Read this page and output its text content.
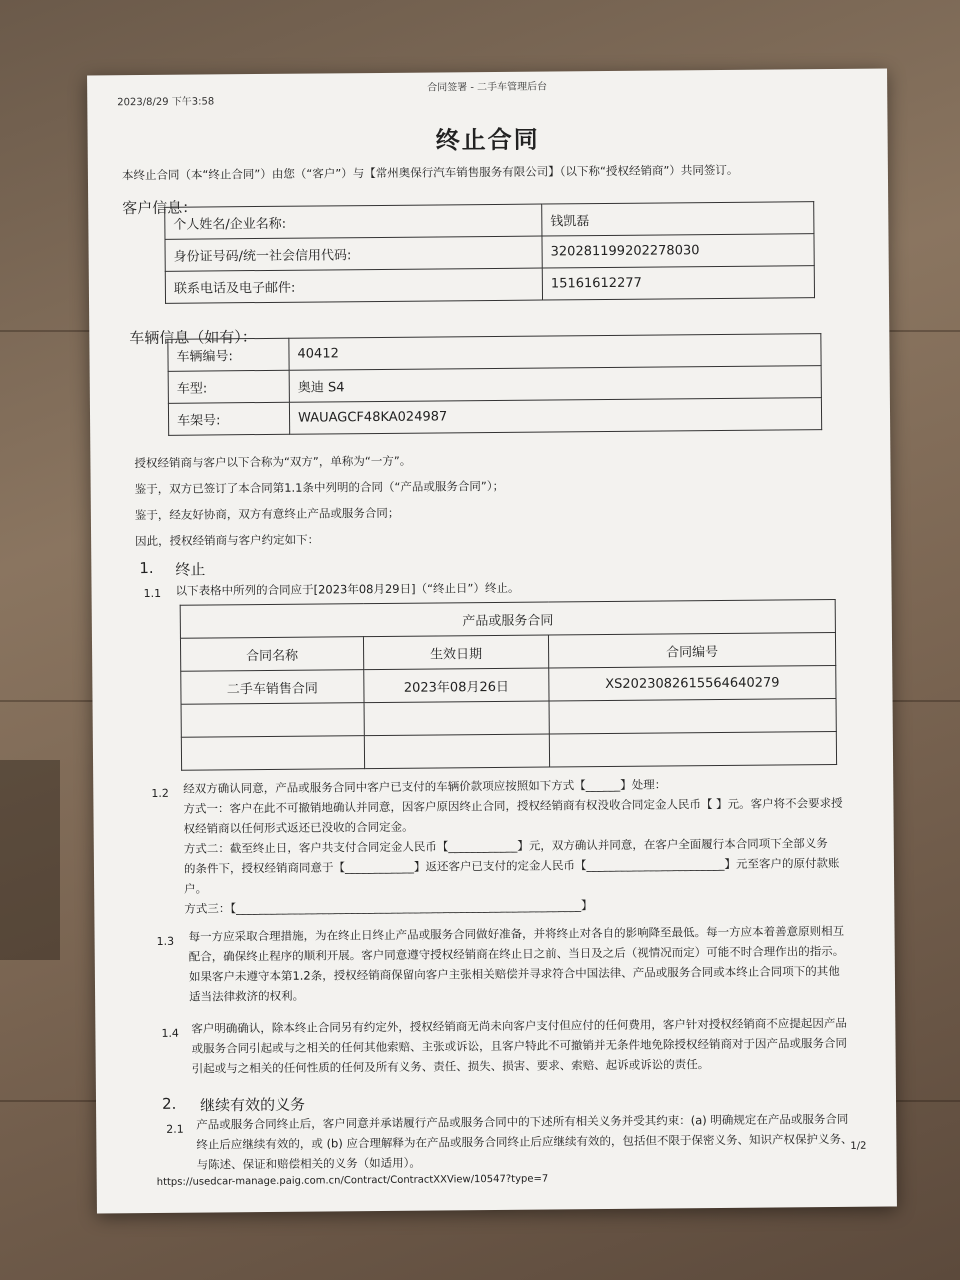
2023/8/29 下午3:58
合同签署 - 二手车管理后台
终止合同
本终止合同（本“终止合同”）由您（“客户”）与【常州奥保行汽车销售服务有限公司】（以下称“授权经销商”）共同签订。
客户信息：
个人姓名/企业名称:	钱凯磊
身份证号码/统一社会信用代码:	320281199202278030
联系电话及电子邮件:	15161612277
车辆信息（如有）：
车辆编号:	40412
车型:	奥迪 S4
车架号:	WAUAGCF48KA024987
授权经销商与客户以下合称为“双方”，单称为“一方”。
鉴于，双方已签订了本合同第1.1条中列明的合同（“产品或服务合同”）；
鉴于，经友好协商，双方有意终止产品或服务合同；
因此，授权经销商与客户约定如下：
1. 终止
1.1 以下表格中所列的合同应于[2023年08月29日]（“终止日”）终止。
产品或服务合同		
合同名称	生效日期	合同编号
二手车销售合同	2023年08月26日	XS20230826155646402​79

1.2 经双方确认同意，产品或服务合同中客户已支付的车辆价款项应按照如下方式【______】处理：
方式一：客户在此不可撤销地确认并同意，因客户原因终止合同，授权经销商有权没收合同定金人民币【 】元。客户将不会要求授
权经销商以任何形式返还已没收的合同定金。
方式二：截至终止日，客户共支付合同定金人民币【____________】元，双方确认并同意，在客户全面履行本合同项下全部义务
的条件下，授权经销商同意于【____________】返还客户已支付的定金人民币【________________________】元至客户的原付款账
户。
方式三：【____________________________________________________________】
1.3 每一方应采取合理措施，为在终止日终止产品或服务合同做好准备，并将终止对各自的影响降至最低。每一方应本着善意原则相互
配合，确保终止程序的顺利开展。客户同意遵守授权经销商在终止日之前、当日及之后（视情况而定）可能不时合理作出的指示。
如果客户未遵守本第1.2条，授权经销商保留向客户主张相关赔偿并寻求符合中国法律、产品或服务合同或本终止合同项下的其他
适当法律救济的权利。
1.4 客户明确确认，除本终止合同另有约定外，授权经销商无尚未向客户支付但应付的任何费用，客户针对授权经销商不应提起因产品
或服务合同引起或与之相关的任何其他索赔、主张或诉讼，且客户特此不可撤销并无条件地免除授权经销商对于因产品或服务合同
引起或与之相关的任何性质的任何及所有义务、责任、损失、损害、要求、索赔、起诉或诉讼的责任。
2. 继续有效的义务
2.1 产品或服务合同终止后，客户同意并承诺履行产品或服务合同中的下述所有相关义务并受其约束：(a) 明确规定在产品或服务合同
终止后应继续有效的，或 (b) 应合理解释为在产品或服务合同终止后应继续有效的，包括但不限于保密义务、知识产权保护义务、
与陈述、保证和赔偿相关的义务（如适用）。
1/2
https://usedcar-manage.paig.com.cn/Contract/ContractXXView/10547?type=7
